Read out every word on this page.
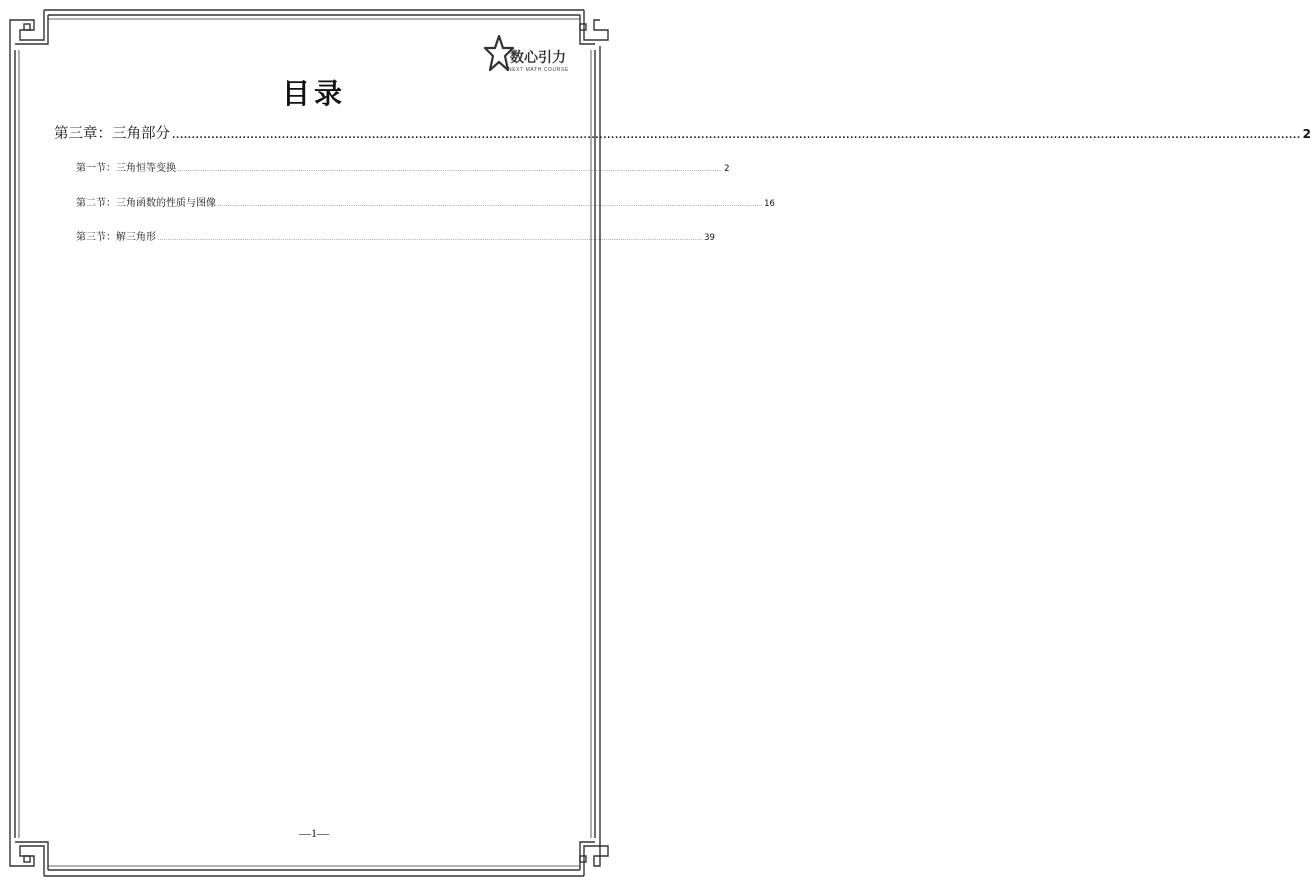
数心引力
NEXT MATH COURSE
目录
第三章：三角部分 ................................................................................................................................................................................................................................................................................................ 2
第一节：三角恒等变换 ................................................................................................................................................................................................................................................................................................ 2
第二节：三角函数的性质与图像 ................................................................................................................................................................................................................................................................................................ 16
第三节：解三角形 ................................................................................................................................................................................................................................................................................................ 39
—1—
